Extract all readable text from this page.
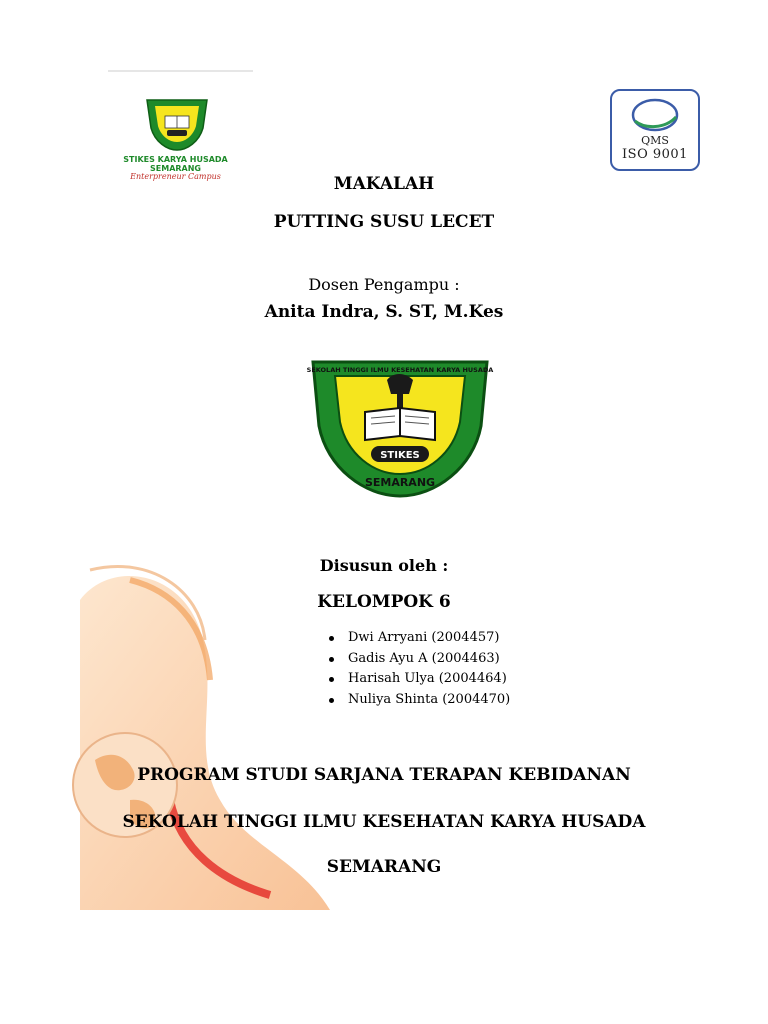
STIKES KARYA HUSADA
SEMARANG
Enterpreneur Campus
QMS
ISO 9001
MAKALAH
PUTTING SUSU LECET
Dosen Pengampu :
Anita Indra, S. ST, M.Kes
STIKES
SEMARANG
SEKOLAH TINGGI ILMU KESEHATAN KARYA HUSADA
Disusun oleh :
KELOMPOK 6
Dwi Arryani (2004457)
Gadis Ayu A (2004463)
Harisah Ulya (2004464)
Nuliya Shinta (2004470)
PROGRAM STUDI SARJANA TERAPAN KEBIDANAN
SEKOLAH TINGGI ILMU KESEHATAN KARYA HUSADA
SEMARANG
